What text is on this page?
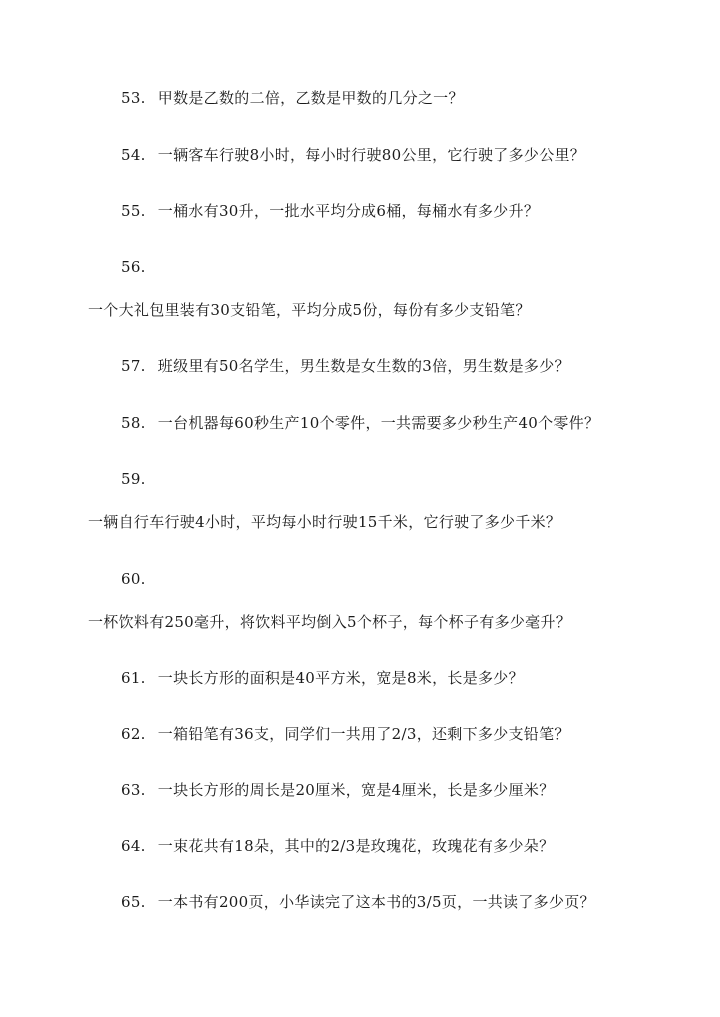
53. 甲数是乙数的二倍，乙数是甲数的几分之一？
54. 一辆客车行驶8小时，每小时行驶80公里，它行驶了多少公里？
55. 一桶水有30升，一批水平均分成6桶，每桶水有多少升？
56.
一个大礼包里装有30支铅笔，平均分成5份，每份有多少支铅笔？
57. 班级里有50名学生，男生数是女生数的3倍，男生数是多少？
58. 一台机器每60秒生产10个零件，一共需要多少秒生产40个零件？
59.
一辆自行车行驶4小时，平均每小时行驶15千米，它行驶了多少千米？
60.
一杯饮料有250毫升，将饮料平均倒入5个杯子，每个杯子有多少毫升？
61. 一块长方形的面积是40平方米，宽是8米，长是多少？
62. 一箱铅笔有36支，同学们一共用了2/3，还剩下多少支铅笔？
63. 一块长方形的周长是20厘米，宽是4厘米，长是多少厘米？
64. 一束花共有18朵，其中的2/3是玫瑰花，玫瑰花有多少朵？
65. 一本书有200页，小华读完了这本书的3/5页，一共读了多少页？
